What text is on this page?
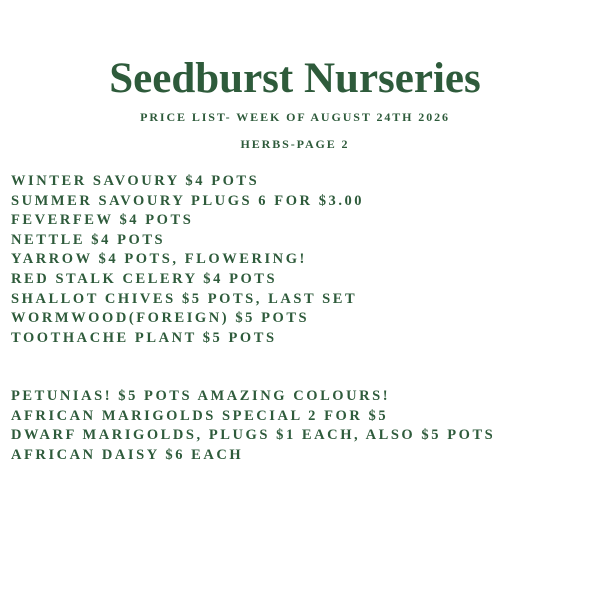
Seedburst Nurseries
PRICE LIST- WEEK OF AUGUST 24TH 2026
HERBS-PAGE 2
WINTER SAVOURY $4 POTS
SUMMER SAVOURY PLUGS 6 FOR $3.00
FEVERFEW $4 POTS
NETTLE $4 POTS
YARROW $4 POTS, FLOWERING!
RED STALK CELERY $4 POTS
SHALLOT CHIVES $5 POTS, LAST SET
WORMWOOD(FOREIGN) $5 POTS
TOOTHACHE PLANT $5 POTS
PETUNIAS! $5 POTS AMAZING COLOURS!
AFRICAN MARIGOLDS SPECIAL 2 FOR $5
DWARF MARIGOLDS, PLUGS $1 EACH, ALSO $5 POTS
AFRICAN DAISY $6 EACH
